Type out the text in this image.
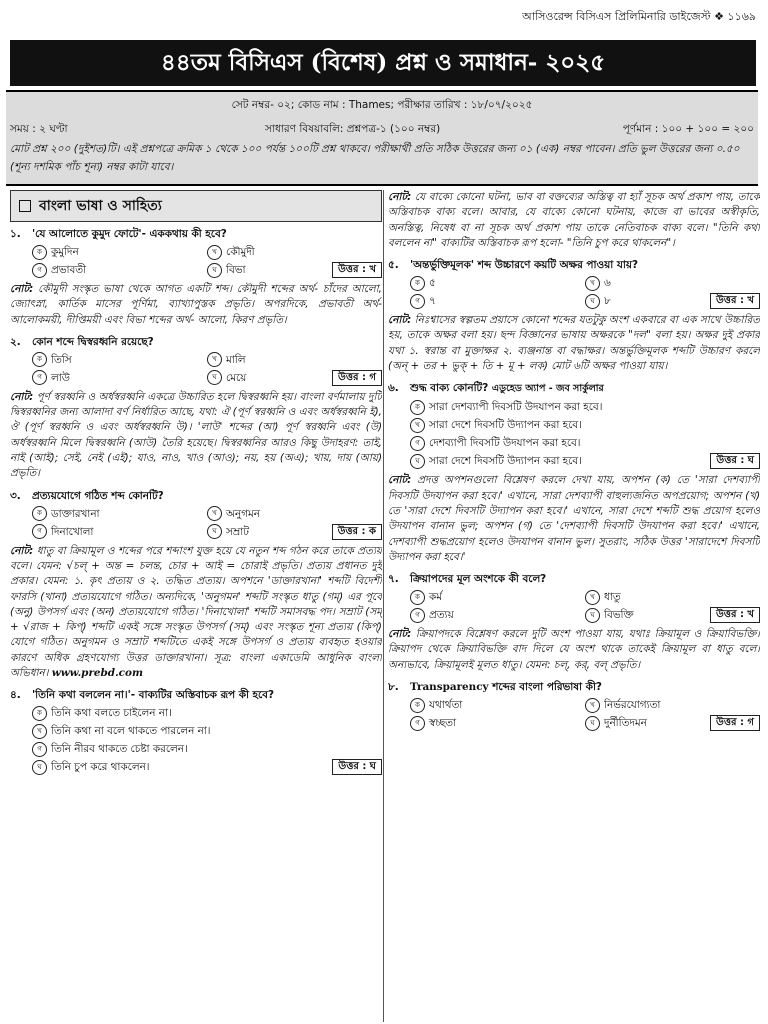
আসিওরেন্স বিসিএস প্রিলিমিনারি ডাইজেস্ট ❖ ১১৬৯
৪৪তম বিসিএস (বিশেষ) প্রশ্ন ও সমাধান- ২০২৫
সেট নম্বর- ০২; কোড নাম : Thames; পরীক্ষার তারিখ : ১৮/০৭/২০২৫
সময় : ২ ঘণ্টা	সাধারণ বিষয়াবলি: প্রশ্নপত্র-১ (১০০ নম্বর)	পূর্ণমান : ১০০ + ১০০ = ২০০
মোট প্রশ্ন ২০০ (দুইশত)টি। এই প্রশ্নপত্রে ক্রমিক ১ থেকে ১০০ পর্যন্ত ১০০টি প্রশ্ন থাকবে। পরীক্ষার্থী প্রতি সঠিক উত্তরের জন্য ০১ (এক) নম্বর পাবেন। প্রতি ভুল উত্তরের জন্য ০.৫০ (শূন্য দশমিক পাঁচ শূন্য) নম্বর কাটা যাবে।
বাংলা ভাষা ও সাহিত্য
১. 'যে আলোতে কুমুদ ফোটে'- এককথায় কী হবে?
ক কুমুদিন	খ কৌমুদী
গ প্রভাবতী	ঘ বিভা	উত্তর : খ
নোট: কৌমুদী সংস্কৃত ভাষা থেকে আগত একটি শব্দ। কৌমুদী শব্দের অর্থ- চাঁদের আলো, জ্যোৎস্না, কার্তিক মাসের পূর্ণিমা, ব্যাখ্যাপুস্তক প্রভৃতি। অপরদিকে, প্রভাবতী অর্থ- আলোকময়ী, দীপ্তিময়ী এবং বিভা শব্দের অর্থ- আলো, কিরণ প্রভৃতি।
২. কোন শব্দে দ্বিস্বরধ্বনি রয়েছে?
ক তিসি	খ মালি
গ লাউ	ঘ মেয়ে	উত্তর : গ
নোট: পূর্ণ স্বরধ্বনি ও অর্ধস্বরধ্বনি একত্রে উচ্চারিত হলে দ্বিস্বরধ্বনি হয়। বাংলা বর্ণমালায় দুটি দ্বিস্বরধ্বনির জন্য আলাদা বর্ণ নির্ধারিত আছে, যথা: ঐ (পূর্ণ স্বরধ্বনি ও এবং অর্ধস্বরধ্বনি ই), ঔ (পূর্ণ স্বরধ্বনি ও এবং অর্ধস্বরধ্বনি উ)। 'লাউ' শব্দের (আ) পূর্ণ স্বরধ্বনি এবং (উ) অর্ধস্বরধ্বনি মিলে দ্বিস্বরধ্বনি (আউ) তৈরি হয়েছে। দ্বিস্বরধ্বনির আরও কিছু উদাহরণ: তাই, নাই (আই); সেই, নেই (এই); যাও, নাও, খাও (আও); নয়, হয় (অএ); খায়, দায় (আয়) প্রভৃতি।
৩. প্রত্যয়যোগে গঠিত শব্দ কোনটি?
ক ডাক্তারখানা	খ অনুগমন
গ দিনাখোলা	ঘ সম্রাট	উত্তর : ক
নোট: ধাতু বা ক্রিয়ামূল ও শব্দের পরে শব্দাংশ যুক্ত হয়ে যে নতুন শব্দ গঠন করে তাকে প্রত্যয় বলে। যেমন: √চল্ + অন্ত = চলন্ত, চোর + আই = চোরাই প্রভৃতি। প্রত্যয় প্রধানত দুই প্রকার। যেমন: ১. কৃৎ প্রত্যয় ও ২. তদ্ধিত প্রত্যয়। অপশনে 'ডাক্তারখানা' শব্দটি বিদেশী ফারসি (খানা) প্রত্যয়যোগে গঠিত। অন্যদিকে, 'অনুগমন' শব্দটি সংস্কৃত ধাতু (গম্) এর পূর্বে (অনু) উপসর্গ এবং (অন) প্রত্যয়যোগে গঠিত। 'দিনাখোলা' শব্দটি সমাসবদ্ধ পদ। সম্রাট (সম্ + √রাজ + কিপ্) শব্দটি একই সঙ্গে সংস্কৃত উপসর্গ (সম্) এবং সংস্কৃত শূন্য প্রত্যয় (কিপ্) যোগে গঠিত। অনুগমন ও সম্রাট শব্দটিতে একই সঙ্গে উপসর্গ ও প্রত্যয় ব্যবহৃত হওয়ার কারণে অধিক গ্রহণযোগ্য উত্তর ডাক্তারখানা। সূত্র: বাংলা একাডেমি আধুনিক বাংলা অভিধান। www.prebd.com
৪. 'তিনি কথা বললেন না।'- বাক্যটির অস্তিবাচক রূপ কী হবে?
ক তিনি কথা বলতে চাইলেন না।
খ তিনি কথা না বলে থাকতে পারলেন না।
গ তিনি নীরব থাকতে চেষ্টা করলেন।
ঘ তিনি চুপ করে থাকলেন।	উত্তর : ঘ
নোট: যে বাক্যে কোনো ঘটনা, ভাব বা বক্তব্যের অস্তিত্ব বা হ্যাঁ সূচক অর্থ প্রকাশ পায়, তাকে অস্তিবাচক বাক্য বলে। আবার, যে বাক্যে কোনো ঘটনায়, কাজে বা ভাবের অস্বীকৃতি, অনস্তিত্ব, নিষেধ বা না সূচক অর্থ প্রকাশ পায় তাকে নেতিবাচক বাক্য বলে। "তিনি কথা বললেন না" বাক্যটির অস্তিবাচক রূপ হলো- "তিনি চুপ করে থাকলেন"।
৫. 'অন্তর্ভুক্তিমূলক' শব্দ উচ্চারণে কয়টি অক্ষর পাওয়া যায়?
ক ৫	খ ৬
গ ৭	ঘ ৮	উত্তর : খ
নোট: নিঃশ্বাসের স্বল্পতম প্রয়াসে কোনো শব্দের যতটুকু অংশ একবারে বা এক সাথে উচ্চারিত হয়, তাকে অক্ষর বলা হয়। ছন্দ বিজ্ঞানের ভাষায় অক্ষরকে "দল" বলা হয়। অক্ষর দুই প্রকার যথা ১. স্বরান্ত বা মুক্তাক্ষর ২. ব্যঞ্জনান্ত বা বদ্ধাক্ষর। অন্তর্ভুক্তিমূলক শব্দটি উচ্চারণ করলে (অন্ + তর + ভুক্ + তি + মূ + লক) মোট ৬টি অক্ষর পাওয়া যায়।
৬. শুদ্ধ বাক্য কোনটি? এডুহেড অ্যাপ - জব সার্কুলার
ক সারা দেশব্যাপী দিবসটি উদযাপন করা হবে।
খ সারা দেশে দিবসটি উদ্যাপন করা হবে।
গ দেশব্যাপী দিবসটি উদযাপন করা হবে।
ঘ সারা দেশে দিবসটি উদ্যাপন করা হবে।	উত্তর : ঘ
নোট: প্রদত্ত অপশনগুলো বিশ্লেষণ করলে দেখা যায়, অপশন (ক) তে 'সারা দেশব্যাপী দিবসটি উদযাপন করা হবে।' এখানে, সারা দেশব্যাপী বাহুল্যজনিত অপপ্রয়োগ; অপশন (খ) তে 'সারা দেশে দিবসটি উদ্যাপন করা হবে।' এখানে, সারা দেশে শব্দটি শুদ্ধ প্রয়োগ হলেও উদযাপন বানান ভুল; অপশন (গ) তে 'দেশব্যাপী দিবসটি উদযাপন করা হবে।' এখানে, দেশব্যাপী শুদ্ধপ্রয়োগ হলেও উদযাপন বানান ভুল। সুতরাং, সঠিক উত্তর 'সারাদেশে দিবসটি উদ্যাপন করা হবে।'
৭. ক্রিয়াপদের মূল অংশকে কী বলে?
ক কর্ম	খ ধাতু
গ প্রত্যয়	ঘ বিভক্তি	উত্তর : খ
নোট: ক্রিয়াপদকে বিশ্লেষণ করলে দুটি অংশ পাওয়া যায়, যথাঃ ক্রিয়ামূল ও ক্রিয়াবিভক্তি। ক্রিয়াপদ থেকে ক্রিয়াবিভক্তি বাদ দিলে যে অংশ থাকে তাকেই ক্রিয়ামূল বা ধাতু বলে। অন্যভাবে, ক্রিয়ামূলই মূলত ধাতু। যেমন: চল্, কর্, বল্ প্রভৃতি।
৮. Transparency শব্দের বাংলা পরিভাষা কী?
ক যথার্থতা	খ নির্ভরযোগ্যতা
গ স্বচ্ছতা	ঘ দুর্নীতিদমন	উত্তর : গ
